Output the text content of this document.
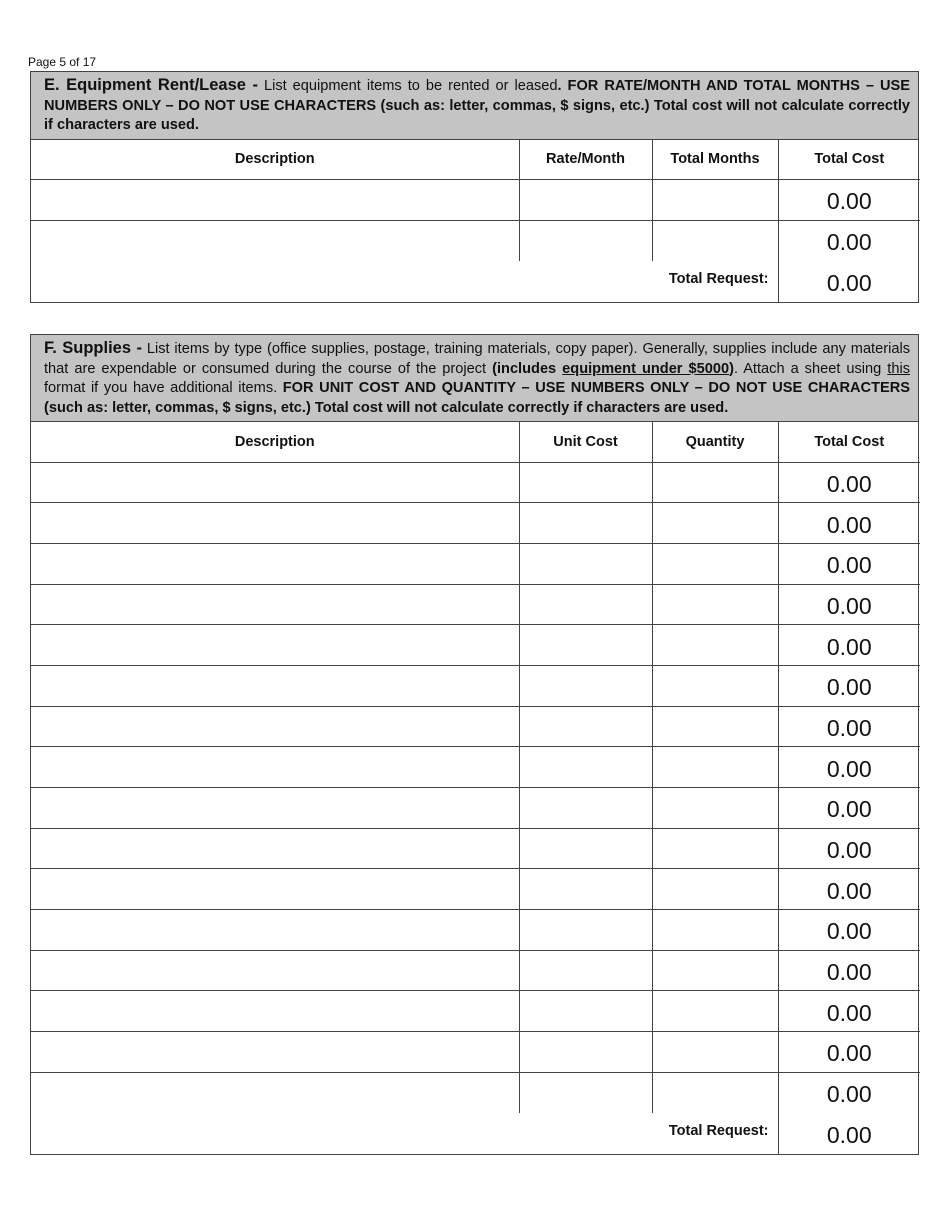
Page 5 of 17
E. Equipment Rent/Lease - List equipment items to be rented or leased. FOR RATE/MONTH AND TOTAL MONTHS – USE NUMBERS ONLY – DO NOT USE CHARACTERS (such as: letter, commas, $ signs, etc.) Total cost will not calculate correctly if characters are used.
Description	Rate/Month	Total Months	Total Cost
			0.00
			0.00
Total Request:			0.00
F. Supplies - List items by type (office supplies, postage, training materials, copy paper). Generally, supplies include any materials that are expendable or consumed during the course of the project (includes equipment under $5000). Attach a sheet using this format if you have additional items. FOR UNIT COST AND QUANTITY – USE NUMBERS ONLY – DO NOT USE CHARACTERS (such as: letter, commas, $ signs, etc.) Total cost will not calculate correctly if characters are used.
Description	Unit Cost	Quantity	Total Cost
			0.00
			0.00
			0.00
			0.00
			0.00
			0.00
			0.00
			0.00
			0.00
			0.00
			0.00
			0.00
			0.00
			0.00
			0.00
			0.00
Total Request:			0.00
